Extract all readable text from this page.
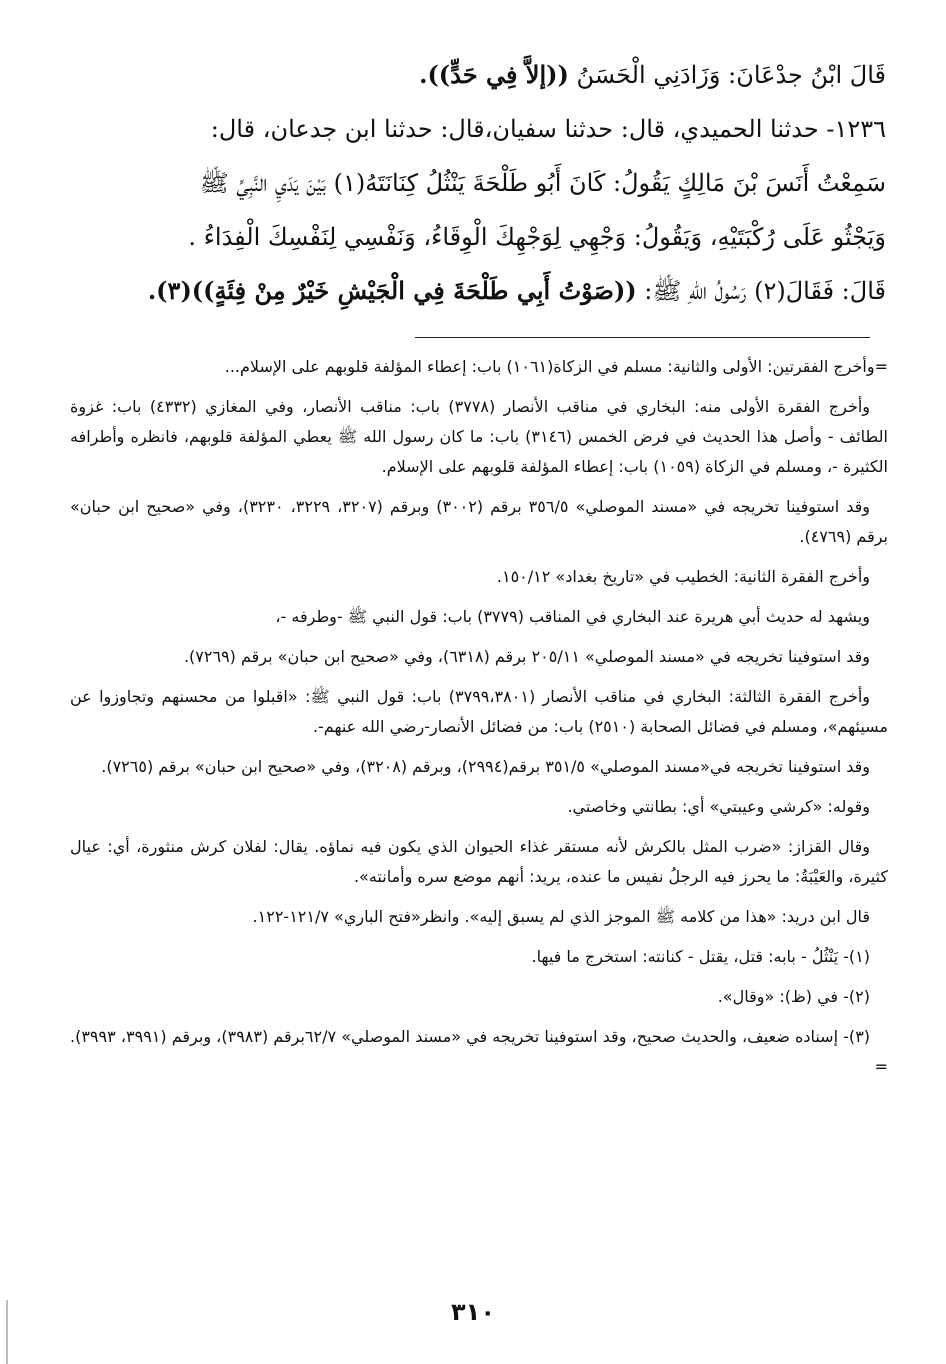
قَالَ ابْنُ جدْعَانَ: وَزَادَنِي الْحَسَنُ ((إلاَّ فِي حَدٍّ)).

١٢٣٦- حدثنا الحميدي، قال: حدثنا سفيان،قال: حدثنا ابن جدعان، قال:

سَمِعْتُ أَنَسَ بْنَ مَالِكٍ يَقُولُ: كَانَ أَبُو طَلْحَةَ يَنْثُلُ كِنَانَتَهُ(١) بَيْنَ يَدَيِ النَّبِيِّ ﷺ

وَيَجْثُو عَلَى رُكْبَتَيْهِ، وَيَقُولُ: وَجْهِي لِوَجْهِكَ الْوِقَاءُ، وَنَفْسِي لِنَفْسِكَ الْفِدَاءُ .

قَالَ: فَقَالَ(٢) رَسُولُ اللهِ ﷺ: ((صَوْتُ أَبِي طَلْحَةَ فِي الْجَيْشِ خَيْرٌ مِنْ فِئَةٍ))(٣).

=وأخرج الفقرتين: الأولى والثانية: مسلم في الزكاة(١٠٦١) باب: إعطاء المؤلفة قلوبهم على الإسلام...

وأخرج الفقرة الأولى منه: البخاري في مناقب الأنصار (٣٧٧٨) باب: مناقب الأنصار، وفي المغازي (٤٣٣٢) باب: غزوة الطائف - وأصل هذا الحديث في فرض الخمس (٣١٤٦) باب: ما كان رسول الله ﷺ يعطي المؤلفة قلوبهم، فانظره وأطرافه الكثيرة -، ومسلم في الزكاة (١٠٥٩) باب: إعطاء المؤلفة قلوبهم على الإسلام.

وقد استوفينا تخريجه في «مسند الموصلي» ٣٥٦/٥ برقم (٣٠٠٢) وبرقم (٣٢٠٧، ٣٢٢٩، ٣٢٣٠)، وفي «صحيح ابن حبان» برقم (٤٧٦٩).

وأخرج الفقرة الثانية: الخطيب في «تاريخ بغداد» ١٥٠/١٢.

ويشهد له حديث أبي هريرة عند البخاري في المناقب (٣٧٧٩) باب: قول النبي ﷺ -وطرفه -،

وقد استوفينا تخريجه في «مسند الموصلي» ٢٠٥/١١ برقم (٦٣١٨)، وفي «صحيح ابن حبان» برقم (٧٢٦٩).

وأخرج الفقرة الثالثة: البخاري في مناقب الأنصار (٣٧٩٩،٣٨٠١) باب: قول النبي ﷺ: «اقبلوا من محسنهم وتجاوزوا عن مسيئهم»، ومسلم في فضائل الصحابة (٢٥١٠) باب: من فضائل الأنصار-رضي الله عنهم-.

وقد استوفينا تخريجه في«مسند الموصلي» ٣٥١/٥ برقم(٢٩٩٤)، وبرقم (٣٢٠٨)، وفي «صحيح ابن حبان» برقم (٧٢٦٥).

وقوله: «كرشي وعيبتي» أي: بطانتي وخاصتي.

وقال القزاز: «ضرب المثل بالكرش لأنه مستقر غذاء الحيوان الذي يكون فيه نماؤه. يقال: لفلان كرش منثورة، أي: عيال كثيرة، والعَيْبَةُ: ما يحرز فيه الرجلُ نفيس ما عنده، يريد: أنهم موضع سره وأمانته».

قال ابن دريد: «هذا من كلامه ﷺ الموجز الذي لم يسبق إليه». وانظر«فتح الباري» ١٢١/٧-١٢٢.

(١)- يَنْثُلُ - بابه: قتل، يقتل - كنانته: استخرج ما فيها.

(٢)- في (ظ): «وقال».

(٣)- إسناده ضعيف، والحديث صحيح، وقد استوفينا تخريجه في «مسند الموصلي» ٦٢/٧برقم (٣٩٨٣)، وبرقم (٣٩٩١، ٣٩٩٣). =

٣١٠
